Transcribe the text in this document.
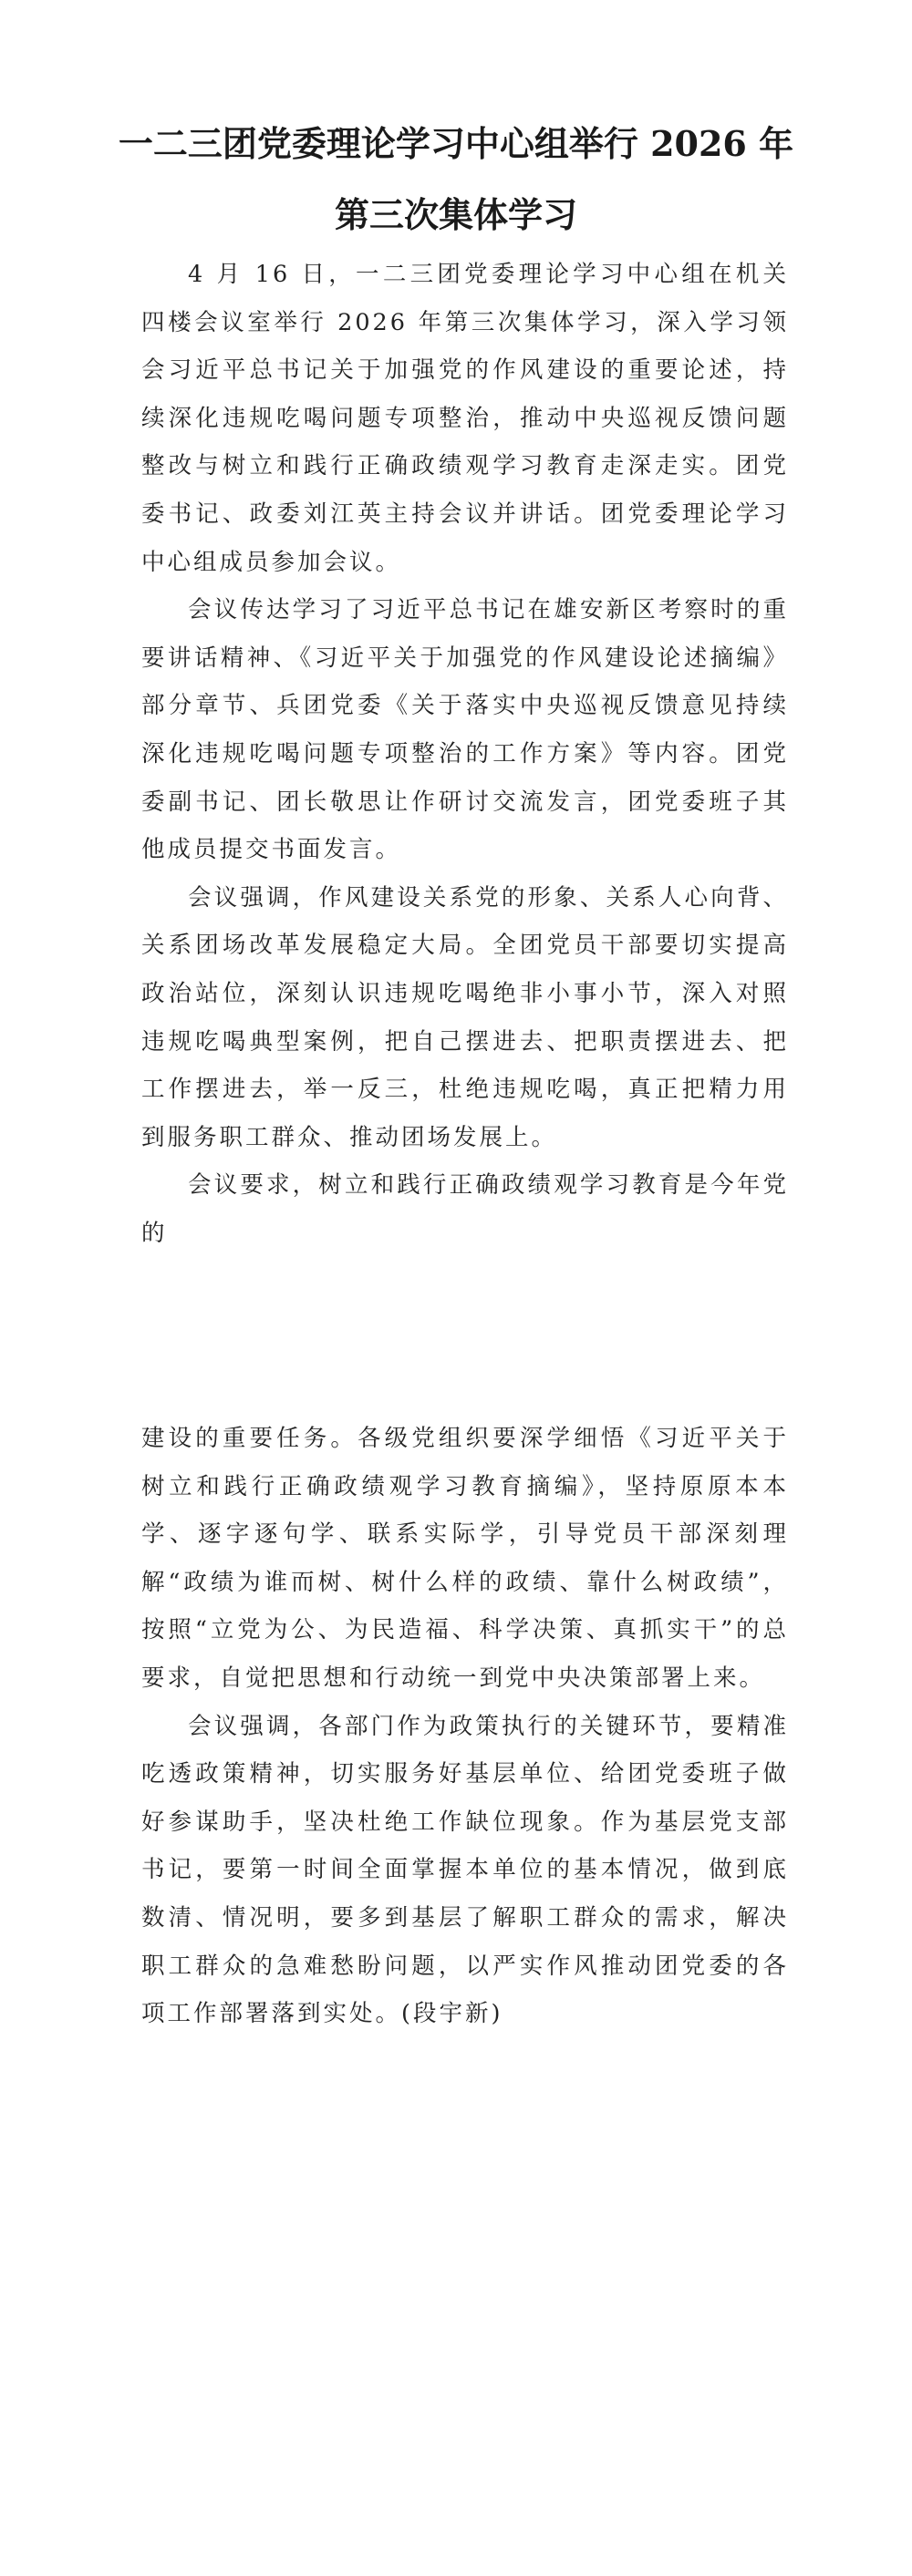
一二三团党委理论学习中心组举行 2026 年
第三次集体学习

4 月 16 日，一二三团党委理论学习中心组在机关四楼会议室举行 2026 年第三次集体学习，深入学习领会习近平总书记关于加强党的作风建设的重要论述，持续深化违规吃喝问题专项整治，推动中央巡视反馈问题整改与树立和践行正确政绩观学习教育走深走实。团党委书记、政委刘江英主持会议并讲话。团党委理论学习中心组成员参加会议。

会议传达学习了习近平总书记在雄安新区考察时的重要讲话精神、《习近平关于加强党的作风建设论述摘编》部分章节、兵团党委《关于落实中央巡视反馈意见持续深化违规吃喝问题专项整治的工作方案》等内容。团党委副书记、团长敬思让作研讨交流发言，团党委班子其他成员提交书面发言。

会议强调，作风建设关系党的形象、关系人心向背、关系团场改革发展稳定大局。全团党员干部要切实提高政治站位，深刻认识违规吃喝绝非小事小节，深入对照违规吃喝典型案例，把自己摆进去、把职责摆进去、把工作摆进去，举一反三，杜绝违规吃喝，真正把精力用到服务职工群众、推动团场发展上。

会议要求，树立和践行正确政绩观学习教育是今年党的

建设的重要任务。各级党组织要深学细悟《习近平关于树立和践行正确政绩观学习教育摘编》，坚持原原本本学、逐字逐句学、联系实际学，引导党员干部深刻理解“政绩为谁而树、树什么样的政绩、靠什么树政绩”，按照“立党为公、为民造福、科学决策、真抓实干”的总要求，自觉把思想和行动统一到党中央决策部署上来。

会议强调，各部门作为政策执行的关键环节，要精准吃透政策精神，切实服务好基层单位、给团党委班子做好参谋助手，坚决杜绝工作缺位现象。作为基层党支部书记，要第一时间全面掌握本单位的基本情况，做到底数清、情况明，要多到基层了解职工群众的需求，解决职工群众的急难愁盼问题，以严实作风推动团党委的各项工作部署落到实处。(段宇新)
